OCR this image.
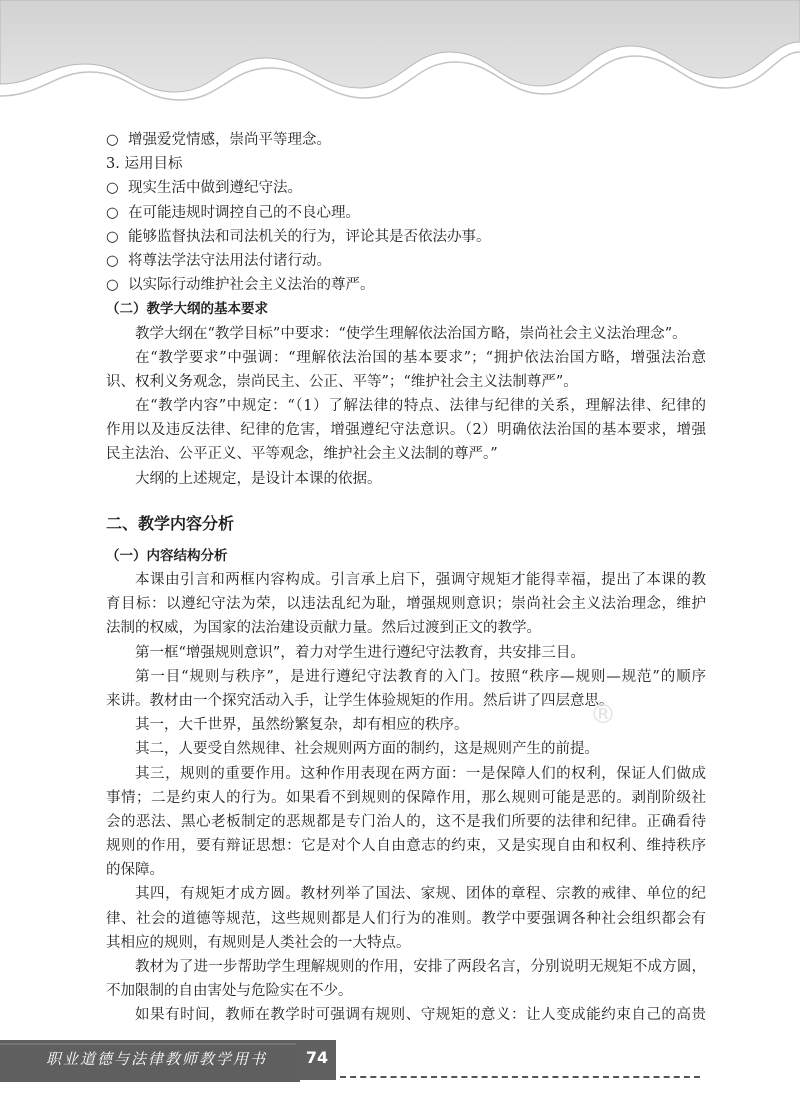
○ 增强爱党情感，崇尚平等理念。
3. 运用目标
○ 现实生活中做到遵纪守法。
○ 在可能违规时调控自己的不良心理。
○ 能够监督执法和司法机关的行为，评论其是否依法办事。
○ 将尊法学法守法用法付诸行动。
○ 以实际行动维护社会主义法治的尊严。
（二）教学大纲的基本要求
教学大纲在“教学目标”中要求：“使学生理解依法治国方略，崇尚社会主义法治理念”。
在“教学要求”中强调：“理解依法治国的基本要求”；“拥护依法治国方略，增强法治意
识、权利义务观念，崇尚民主、公正、平等”；“维护社会主义法制尊严”。
在“教学内容”中规定：“（1）了解法律的特点、法律与纪律的关系，理解法律、纪律的
作用以及违反法律、纪律的危害，增强遵纪守法意识。（2）明确依法治国的基本要求，增强
民主法治、公平正义、平等观念，维护社会主义法制的尊严。”
大纲的上述规定，是设计本课的依据。
二、教学内容分析
（一）内容结构分析
本课由引言和两框内容构成。引言承上启下，强调守规矩才能得幸福，提出了本课的教
育目标：以遵纪守法为荣，以违法乱纪为耻，增强规则意识；崇尚社会主义法治理念，维护
法制的权威，为国家的法治建设贡献力量。然后过渡到正文的教学。
第一框“增强规则意识”，着力对学生进行遵纪守法教育，共安排三目。
第一目“规则与秩序”，是进行遵纪守法教育的入门。按照“秩序—规则—规范”的顺序
来讲。教材由一个探究活动入手，让学生体验规矩的作用。然后讲了四层意思。
其一，大千世界，虽然纷繁复杂，却有相应的秩序。
其二，人要受自然规律、社会规则两方面的制约，这是规则产生的前提。
其三，规则的重要作用。这种作用表现在两方面：一是保障人们的权利，保证人们做成
事情；二是约束人的行为。如果看不到规则的保障作用，那么规则可能是恶的。剥削阶级社
会的恶法、黑心老板制定的恶规都是专门治人的，这不是我们所要的法律和纪律。正确看待
规则的作用，要有辩证思想：它是对个人自由意志的约束，又是实现自由和权利、维持秩序
的保障。
其四，有规矩才成方圆。教材列举了国法、家规、团体的章程、宗教的戒律、单位的纪
律、社会的道德等规范，这些规则都是人们行为的准则。教学中要强调各种社会组织都会有
其相应的规则，有规则是人类社会的一大特点。
教材为了进一步帮助学生理解规则的作用，安排了两段名言，分别说明无规矩不成方圆，
不加限制的自由害处与危险实在不少。
如果有时间，教师在教学时可强调有规则、守规矩的意义：让人变成能约束自己的高贵
®
职业道德与法律教师教学用书	74
